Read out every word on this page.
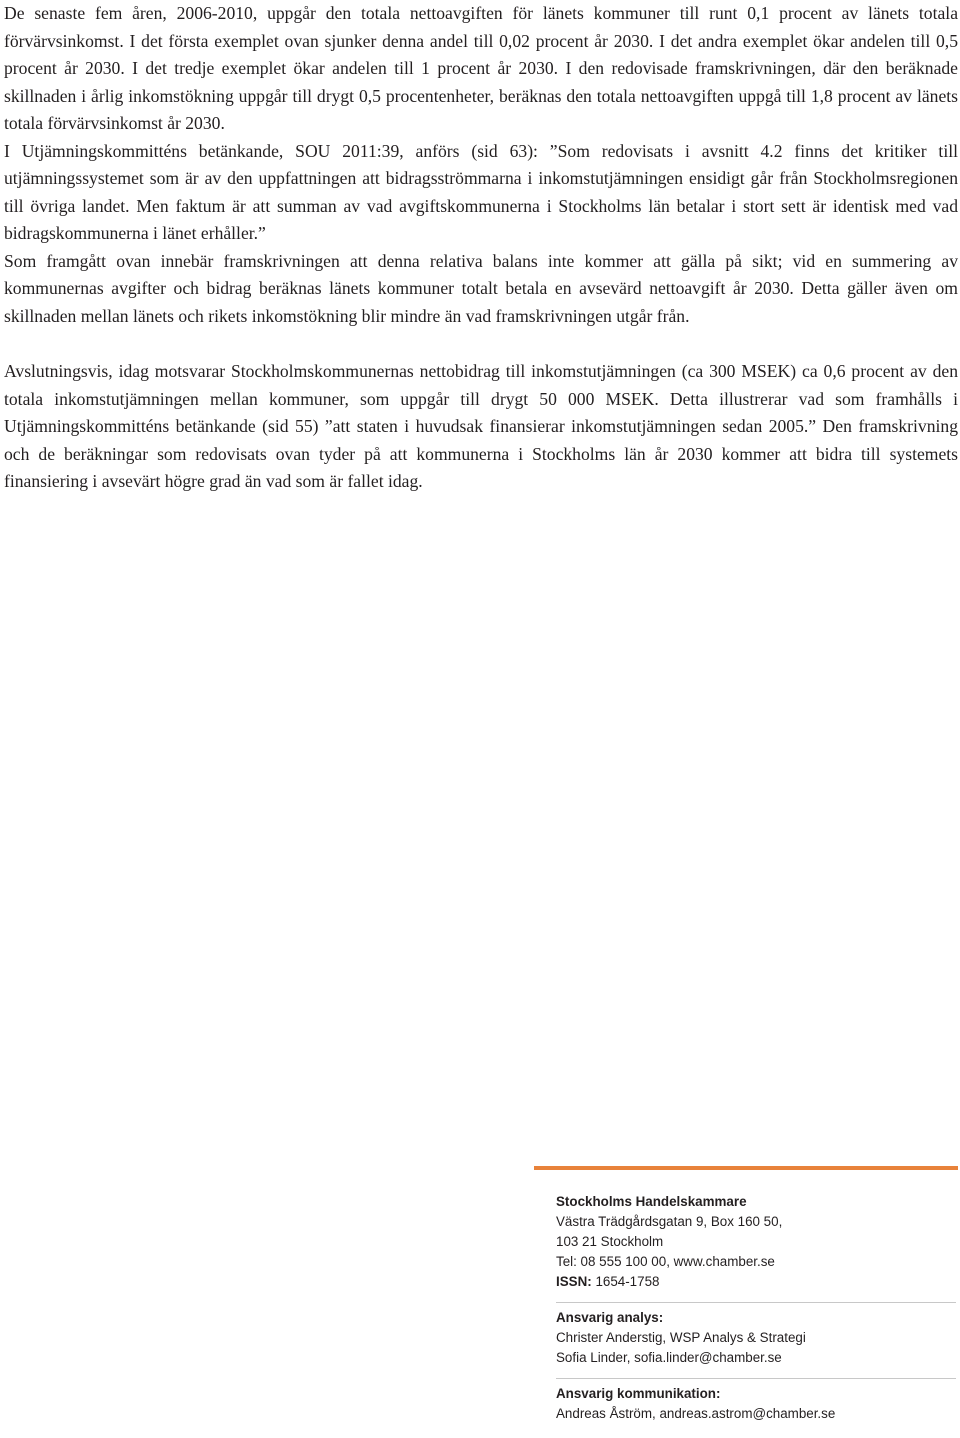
De senaste fem åren, 2006-2010, uppgår den totala nettoavgiften för länets kommuner till runt 0,1 procent av länets totala förvärvsinkomst. I det första exemplet ovan sjunker denna andel till 0,02 procent år 2030. I det andra exemplet ökar andelen till 0,5 procent år 2030. I det tredje exemplet ökar andelen till 1 procent år 2030. I den redovisade framskrivningen, där den beräknade skillnaden i årlig inkomstökning uppgår till drygt 0,5 procentenheter, beräknas den totala nettoavgiften uppgå till 1,8 procent av länets totala förvärvsinkomst år 2030.

I Utjämningskommitténs betänkande, SOU 2011:39, anförs (sid 63): ”Som redovisats i avsnitt 4.2 finns det kritiker till utjämningssystemet som är av den uppfattningen att bidragsströmmarna i inkomstutjämningen ensidigt går från Stockholmsregionen till övriga landet. Men faktum är att summan av vad avgiftskommunerna i Stockholms län betalar i stort sett är identisk med vad bidragskommunerna i länet erhåller.”

Som framgått ovan innebär framskrivningen att denna relativa balans inte kommer att gälla på sikt; vid en summering av kommunernas avgifter och bidrag beräknas länets kommuner totalt betala en avsevärd nettoavgift år 2030. Detta gäller även om skillnaden mellan länets och rikets inkomstökning blir mindre än vad framskrivningen utgår från.

Avslutningsvis, idag motsvarar Stockholmskommunernas nettobidrag till inkomstutjämningen (ca 300 MSEK) ca 0,6 procent av den totala inkomstutjämningen mellan kommuner, som uppgår till drygt 50 000 MSEK. Detta illustrerar vad som framhålls i Utjämningskommitténs betänkande (sid 55) ”att staten i huvudsak finansierar inkomstutjämningen sedan 2005.” Den framskrivning och de beräkningar som redovisats ovan tyder på att kommunerna i Stockholms län år 2030 kommer att bidra till systemets finansiering i avsevärt högre grad än vad som är fallet idag.

Stockholms Handelskammare
Västra Trädgårdsgatan 9, Box 160 50,
103 21 Stockholm
Tel: 08 555 100 00, www.chamber.se
ISSN: 1654-1758
Ansvarig analys:
Christer Anderstig, WSP Analys & Strategi
Sofia Linder, sofia.linder@chamber.se
Ansvarig kommunikation:
Andreas Åström, andreas.astrom@chamber.se
